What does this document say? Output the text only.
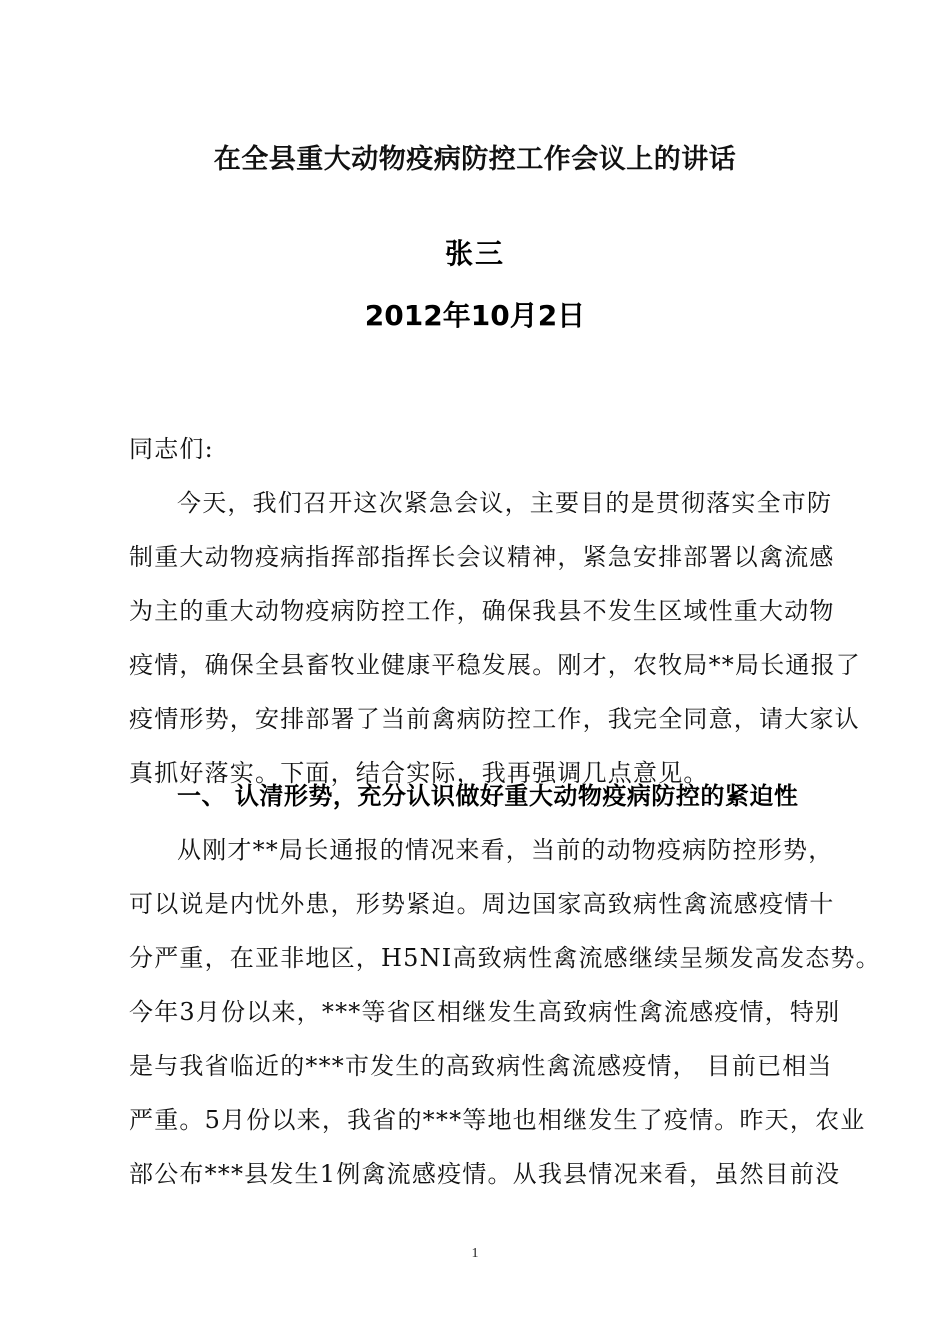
在全县重大动物疫病防控工作会议上的讲话
张三
2012年10月2日
同志们:
今天，我们召开这次紧急会议，主要目的是贯彻落实全市防
制重大动物疫病指挥部指挥长会议精神，紧急安排部署以禽流感
为主的重大动物疫病防控工作，确保我县不发生区域性重大动物
疫情，确保全县畜牧业健康平稳发展。刚才，农牧局**局长通报了
疫情形势，安排部署了当前禽病防控工作，我完全同意，请大家认
真抓好落实。下面，结合实际，我再强调几点意见。
一、 认清形势，充分认识做好重大动物疫病防控的紧迫性
从刚才**局长通报的情况来看，当前的动物疫病防控形势，
可以说是内忧外患，形势紧迫。周边国家高致病性禽流感疫情十
分严重，在亚非地区，H5NI高致病性禽流感继续呈频发高发态势。
今年3月份以来，***等省区相继发生高致病性禽流感疫情，特别
是与我省临近的***市发生的高致病性禽流感疫情， 目前已相当
严重。5月份以来，我省的***等地也相继发生了疫情。昨天，农业
部公布***县发生1例禽流感疫情。从我县情况来看，虽然目前没
1
